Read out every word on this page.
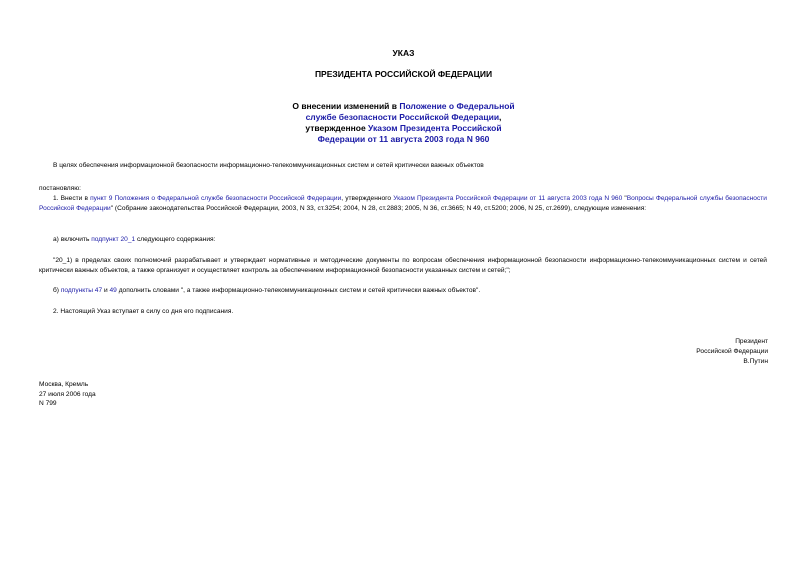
УКАЗ
ПРЕЗИДЕНТА РОССИЙСКОЙ ФЕДЕРАЦИИ
О внесении изменений в Положение о Федеральной
службе безопасности Российской Федерации,
утвержденное Указом Президента Российской
Федерации от 11 августа 2003 года N 960
В целях обеспечения информационной безопасности информационно-телекоммуникационных систем и сетей критически важных объектов
постановляю:
1. Внести в пункт 9 Положения о Федеральной службе безопасности Российской Федерации, утвержденного Указом Президента Российской Федерации от 11 августа 2003 года N 960 "Вопросы Федеральной службы безопасности Российской Федерации" (Собрание законодательства Российской Федерации, 2003, N 33, ст.3254; 2004, N 28, ст.2883; 2005, N 36, ст.3665; N 49, ст.5200; 2006, N 25, ст.2699), следующие изменения:
а) включить подпункт 20_1 следующего содержания:
"20_1) в пределах своих полномочий разрабатывает и утверждает нормативные и методические документы по вопросам обеспечения информационной безопасности информационно-телекоммуникационных систем и сетей критически важных объектов, а также организует и осуществляет контроль за обеспечением информационной безопасности указанных систем и сетей;";
б) подпункты 47 и 49 дополнить словами ", а также информационно-телекоммуникационных систем и сетей критически важных объектов".
2. Настоящий Указ вступает в силу со дня его подписания.
Президент
Российской Федерации
В.Путин
Москва, Кремль
27 июля 2006 года
N 799
